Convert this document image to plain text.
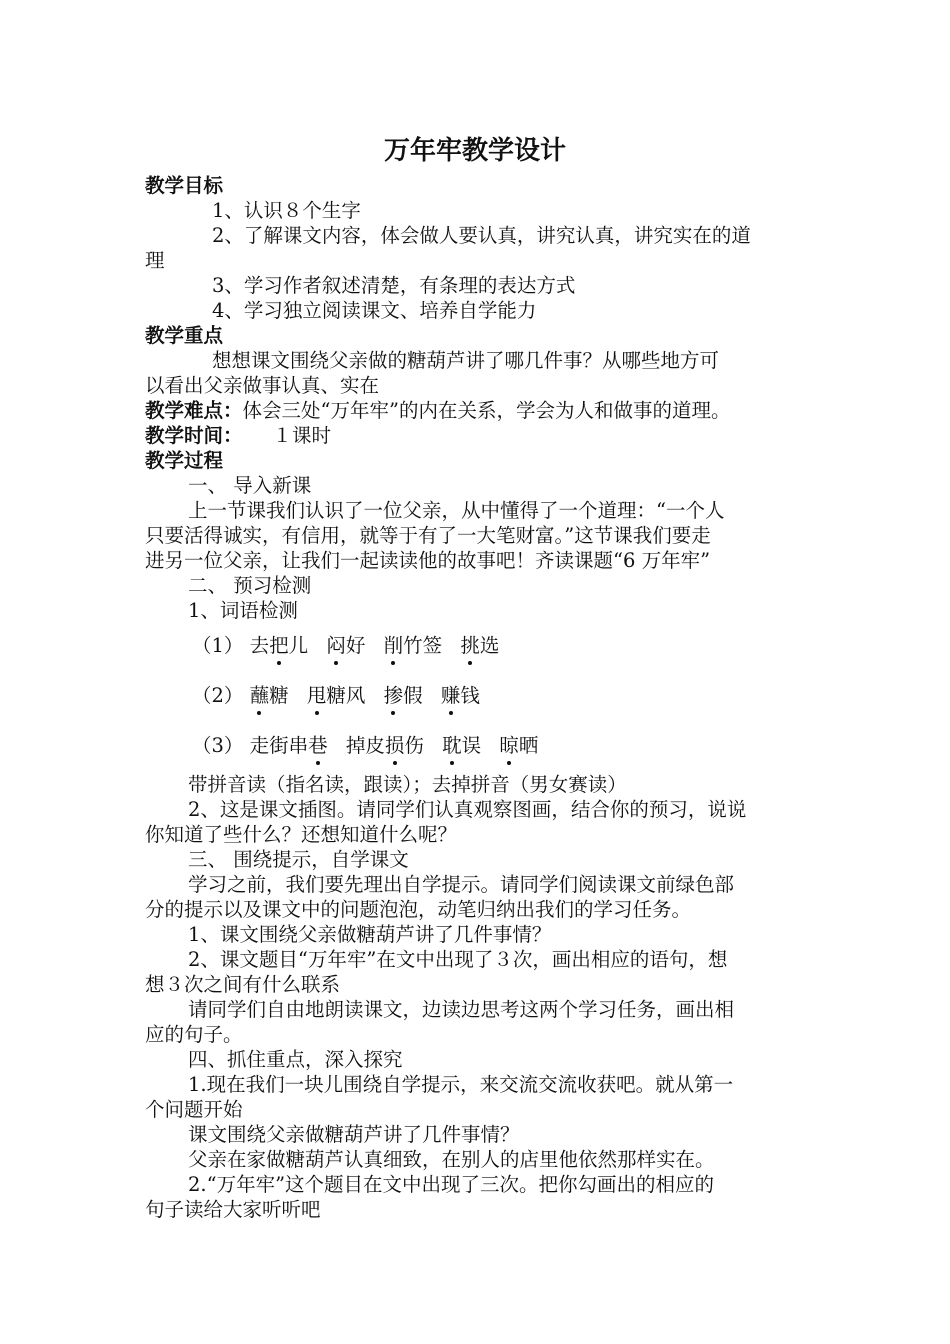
万年牢教学设计
教学目标
1、认识８个生字
2、了解课文内容，体会做人要认真，讲究认真，讲究实在的道
理
3、学习作者叙述清楚，有条理的表达方式
4、学习独立阅读课文、培养自学能力
教学重点
想想课文围绕父亲做的糖葫芦讲了哪几件事？从哪些地方可
以看出父亲做事认真、实在
教学难点：体会三处“万年牢”的内在关系，学会为人和做事的道理。
教学时间： １课时
教学过程
一、 导入新课
上一节课我们认识了一位父亲，从中懂得了一个道理：“一个人
只要活得诚实，有信用，就等于有了一大笔财富。”这节课我们要走
进另一位父亲，让我们一起读读他的故事吧！齐读课题“6 万年牢”
二、 预习检测
1、词语检测
（1） 去把儿 闷好 削竹签 挑选
（2） 蘸糖 甩糖风 掺假 赚钱
（3） 走街串巷 掉皮损伤 耽误 晾晒
带拼音读（指名读，跟读）；去掉拼音（男女赛读）
2、这是课文插图。请同学们认真观察图画，结合你的预习，说说
你知道了些什么？还想知道什么呢？
三、 围绕提示，自学课文
学习之前，我们要先理出自学提示。请同学们阅读课文前绿色部
分的提示以及课文中的问题泡泡，动笔归纳出我们的学习任务。
1、课文围绕父亲做糖葫芦讲了几件事情？
2、课文题目“万年牢”在文中出现了３次，画出相应的语句，想
想３次之间有什么联系
请同学们自由地朗读课文，边读边思考这两个学习任务，画出相
应的句子。
四、抓住重点，深入探究
1.现在我们一块儿围绕自学提示，来交流交流收获吧。就从第一
个问题开始
课文围绕父亲做糖葫芦讲了几件事情？
父亲在家做糖葫芦认真细致，在别人的店里他依然那样实在。
2.“万年牢”这个题目在文中出现了三次。把你勾画出的相应的
句子读给大家听听吧
